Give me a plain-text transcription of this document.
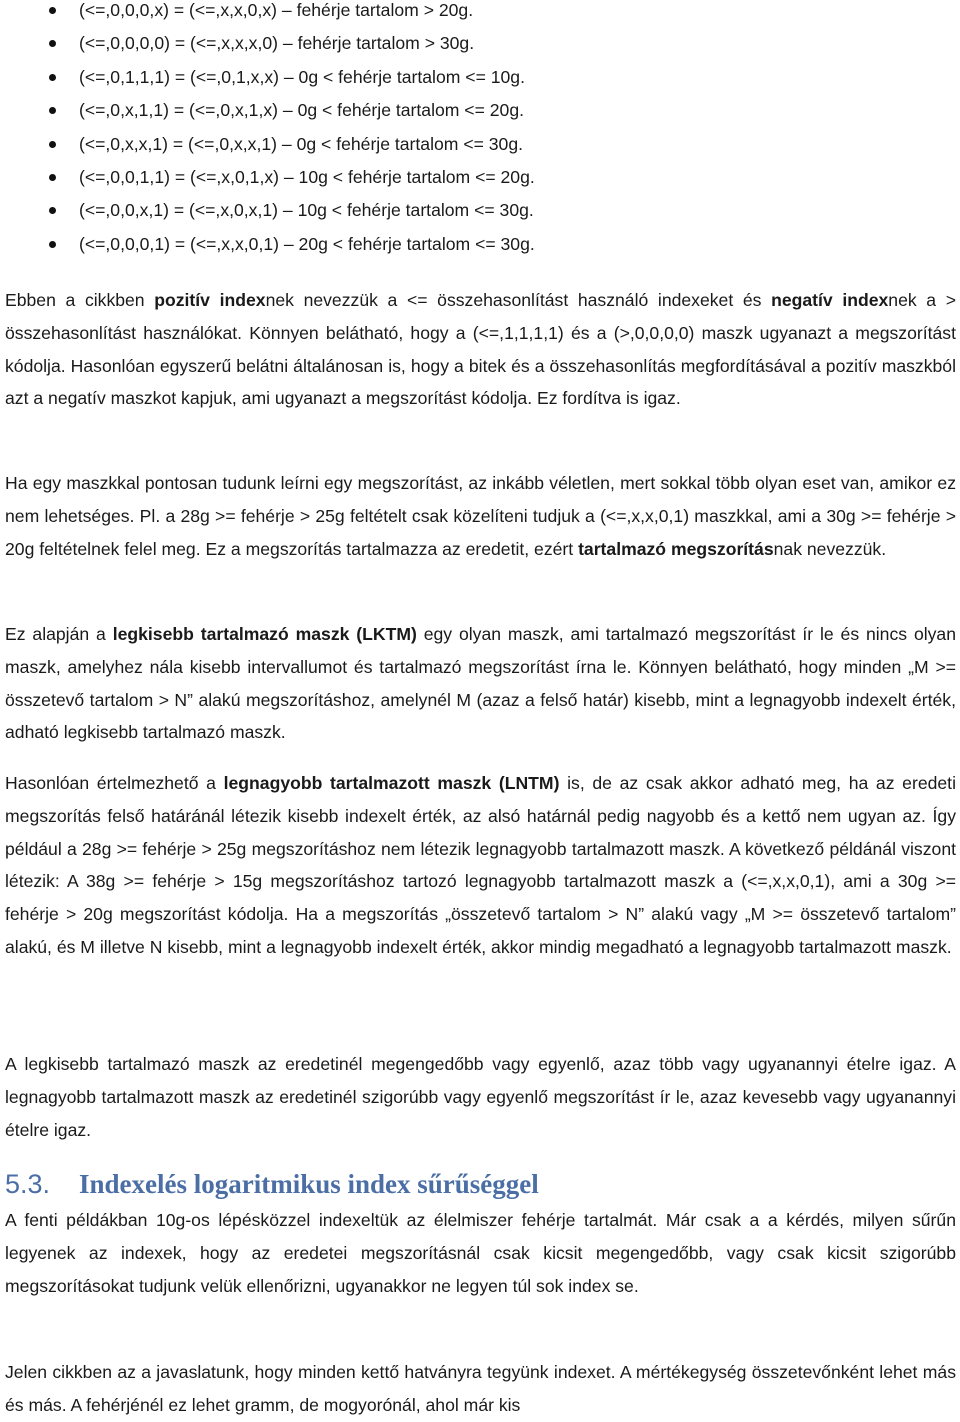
(<=,0,0,0,x) = (<=,x,x,0,x) – fehérje tartalom > 20g.
(<=,0,0,0,0) = (<=,x,x,x,0) – fehérje tartalom > 30g.
(<=,0,1,1,1) = (<=,0,1,x,x) – 0g < fehérje tartalom <= 10g.
(<=,0,x,1,1) = (<=,0,x,1,x) – 0g < fehérje tartalom <= 20g.
(<=,0,x,x,1) = (<=,0,x,x,1) – 0g < fehérje tartalom <= 30g.
(<=,0,0,1,1) = (<=,x,0,1,x) – 10g < fehérje tartalom <= 20g.
(<=,0,0,x,1) = (<=,x,0,x,1) – 10g < fehérje tartalom <= 30g.
(<=,0,0,0,1) = (<=,x,x,0,1) – 20g < fehérje tartalom <= 30g.

Ebben a cikkben pozitív indexnek nevezzük a <= összehasonlítást használó indexeket és negatív indexnek a > összehasonlítást használókat. Könnyen belátható, hogy a (<=,1,1,1,1) és a (>,0,0,0,0) maszk ugyanazt a megszorítást kódolja. Hasonlóan egyszerű belátni általánosan is, hogy a bitek és a összehasonlítás megfordításával a pozitív maszkból azt a negatív maszkot kapjuk, ami ugyanazt a megszorítást kódolja. Ez fordítva is igaz.

Ha egy maszkkal pontosan tudunk leírni egy megszorítást, az inkább véletlen, mert sokkal több olyan eset van, amikor ez nem lehetséges. Pl. a 28g >= fehérje > 25g feltételt csak közelíteni tudjuk a (<=,x,x,0,1) maszkkal, ami a 30g >= fehérje > 20g feltételnek felel meg. Ez a megszorítás tartalmazza az eredetit, ezért tartalmazó megszorításnak nevezzük.

Ez alapján a legkisebb tartalmazó maszk (LKTM) egy olyan maszk, ami tartalmazó megszorítást ír le és nincs olyan maszk, amelyhez nála kisebb intervallumot és tartalmazó megszorítást írna le. Könnyen belátható, hogy minden „M >= összetevő tartalom > N” alakú megszorításhoz, amelynél M (azaz a felső határ) kisebb, mint a legnagyobb indexelt érték, adható legkisebb tartalmazó maszk.

Hasonlóan értelmezhető a legnagyobb tartalmazott maszk (LNTM) is, de az csak akkor adható meg, ha az eredeti megszorítás felső határánál létezik kisebb indexelt érték, az alsó határnál pedig nagyobb és a kettő nem ugyan az. Így például a 28g >= fehérje > 25g megszorításhoz nem létezik legnagyobb tartalmazott maszk. A következő példánál viszont létezik: A 38g >= fehérje > 15g megszorításhoz tartozó legnagyobb tartalmazott maszk a (<=,x,x,0,1), ami a 30g >= fehérje > 20g megszorítást kódolja. Ha a megszorítás „összetevő tartalom > N” alakú vagy „M >= összetevő tartalom” alakú, és M illetve N kisebb, mint a legnagyobb indexelt érték, akkor mindig megadható a legnagyobb tartalmazott maszk.

A legkisebb tartalmazó maszk az eredetinél megengedőbb vagy egyenlő, azaz több vagy ugyanannyi ételre igaz. A legnagyobb tartalmazott maszk az eredetinél szigorúbb vagy egyenlő megszorítást ír le, azaz kevesebb vagy ugyanannyi ételre igaz.

5.3. Indexelés logaritmikus index sűrűséggel

A fenti példákban 10g-os lépésközzel indexeltük az élelmiszer fehérje tartalmát. Már csak a a kérdés, milyen sűrűn legyenek az indexek, hogy az eredetei megszorításnál csak kicsit megengedőbb, vagy csak kicsit szigorúbb megszorításokat tudjunk velük ellenőrizni, ugyanakkor ne legyen túl sok index se.

Jelen cikkben az a javaslatunk, hogy minden kettő hatványra tegyünk indexet. A mértékegység összetevőnként lehet más és más. A fehérjénél ez lehet gramm, de mogyorónál, ahol már kis
